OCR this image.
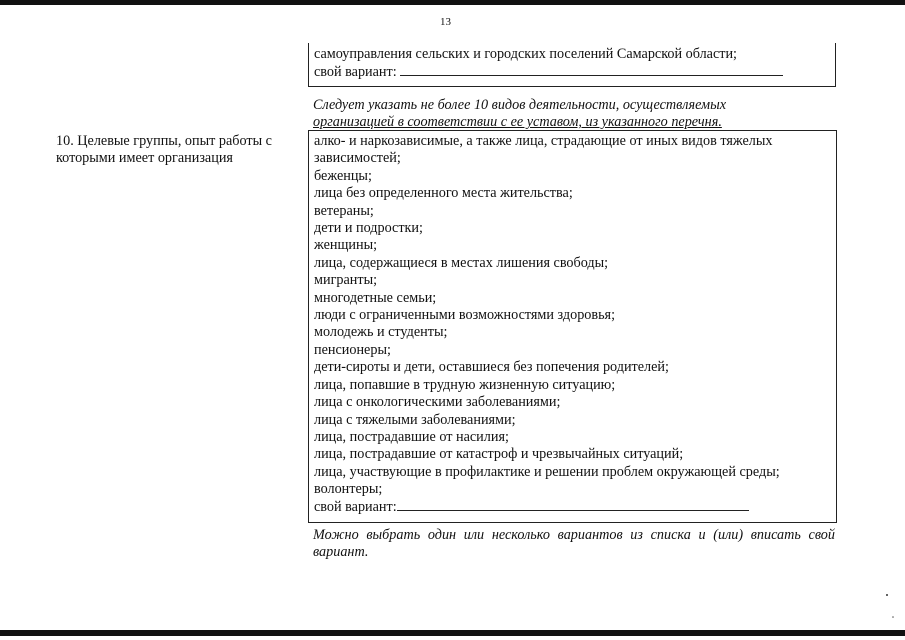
13
самоуправления сельских и городских поселений Самарской области;
свой вариант:
Следует указать не более 10 видов деятельности, осуществляемых
организацией в соответствии с ее уставом, из указанного перечня.
10. Целевые группы, опыт работы с которыми имеет организация
алко- и наркозависимые, а также лица, страдающие от иных видов тяжелых зависимостей;
беженцы;
лица без определенного места жительства;
ветераны;
дети и подростки;
женщины;
лица, содержащиеся в местах лишения свободы;
мигранты;
многодетные семьи;
люди с ограниченными возможностями здоровья;
молодежь и студенты;
пенсионеры;
дети-сироты и дети, оставшиеся без попечения родителей;
лица, попавшие в трудную жизненную ситуацию;
лица с онкологическими заболеваниями;
лица с тяжелыми заболеваниями;
лица, пострадавшие от насилия;
лица, пострадавшие от катастроф и чрезвычайных ситуаций;
лица, участвующие в профилактике и решении проблем окружающей среды;
волонтеры;
свой вариант:
Можно выбрать один или несколько вариантов из списка и (или) вписать свой вариант.
